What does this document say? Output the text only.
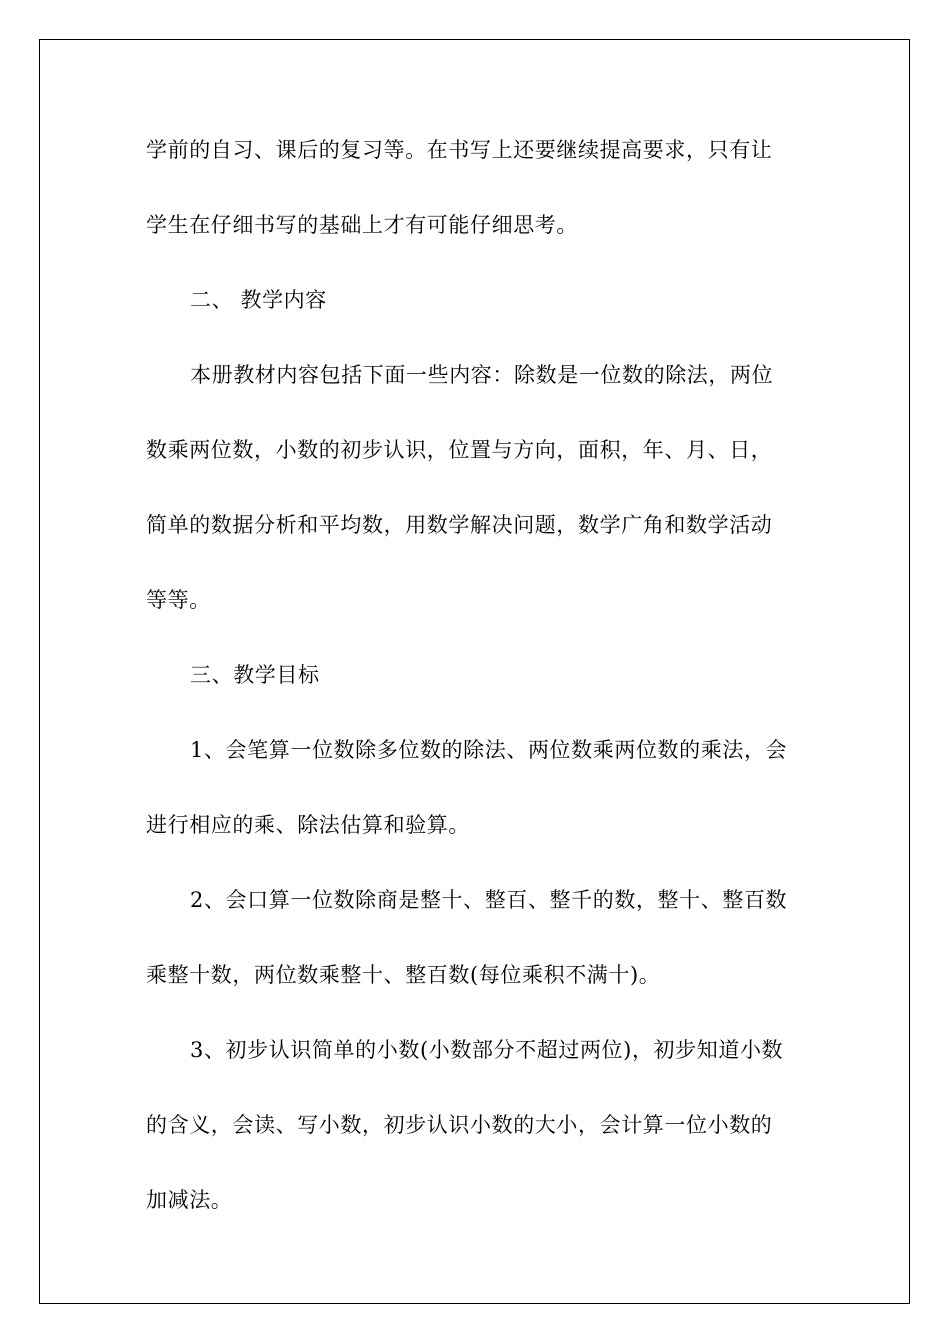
学前的自习、课后的复习等。在书写上还要继续提高要求，只有让
学生在仔细书写的基础上才有可能仔细思考。
二、 教学内容
本册教材内容包括下面一些内容：除数是一位数的除法，两位
数乘两位数，小数的初步认识，位置与方向，面积，年、月、日，
简单的数据分析和平均数，用数学解决问题，数学广角和数学活动
等等。
三、教学目标
1、会笔算一位数除多位数的除法、两位数乘两位数的乘法，会
进行相应的乘、除法估算和验算。
2、会口算一位数除商是整十、整百、整千的数，整十、整百数
乘整十数，两位数乘整十、整百数(每位乘积不满十)。
3、初步认识简单的小数(小数部分不超过两位)，初步知道小数
的含义，会读、写小数，初步认识小数的大小，会计算一位小数的
加减法。
